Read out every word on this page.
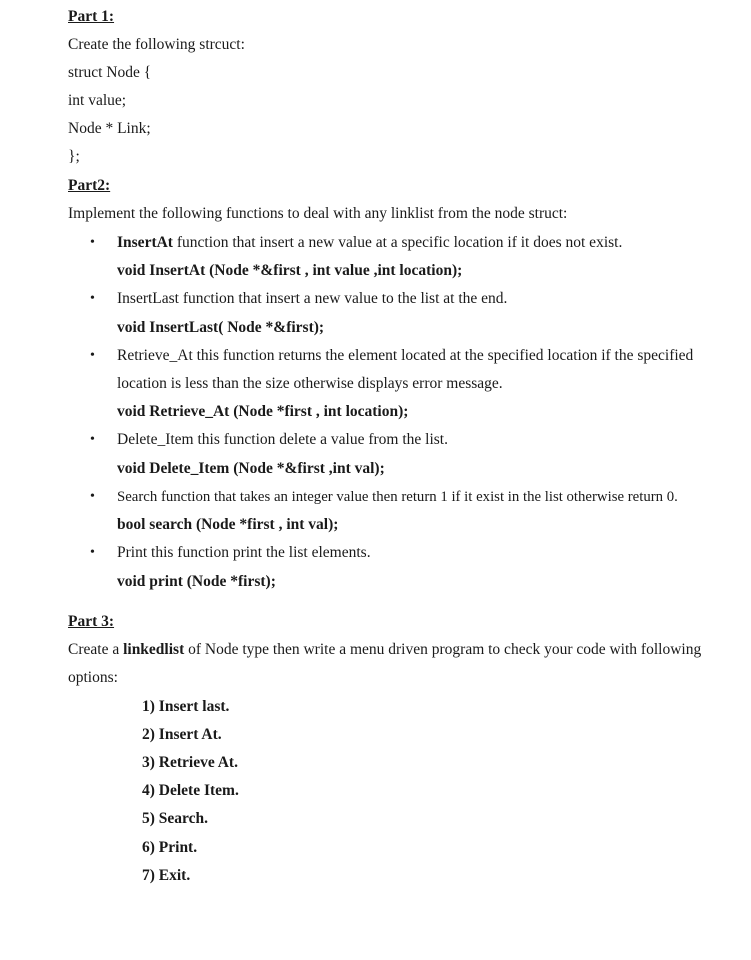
Part 1:
Create the following strcuct:
struct Node {
int value;
Node * Link;
};
Part2:
Implement the following functions to deal with any linklist from the node struct:
• InsertAt function that insert a new value at a specific location if it does not exist.
void InsertAt (Node *&first , int value ,int location);
• InsertLast function that insert a new value to the list at the end.
void InsertLast( Node *&first);
• Retrieve_At this function returns the element located at the specified location if the specified
location is less than the size otherwise displays error message.
void Retrieve_At (Node *first , int location);
• Delete_Item this function delete a value from the list.
void Delete_Item (Node *&first ,int val);
• Search function that takes an integer value then return 1 if it exist in the list otherwise return 0.
bool search (Node *first , int val);
• Print this function print the list elements.
void print (Node *first);
Part 3:
Create a linkedlist of Node type then write a menu driven program to check your code with following
options:
1) Insert last.
2) Insert At.
3) Retrieve At.
4) Delete Item.
5) Search.
6) Print.
7) Exit.
